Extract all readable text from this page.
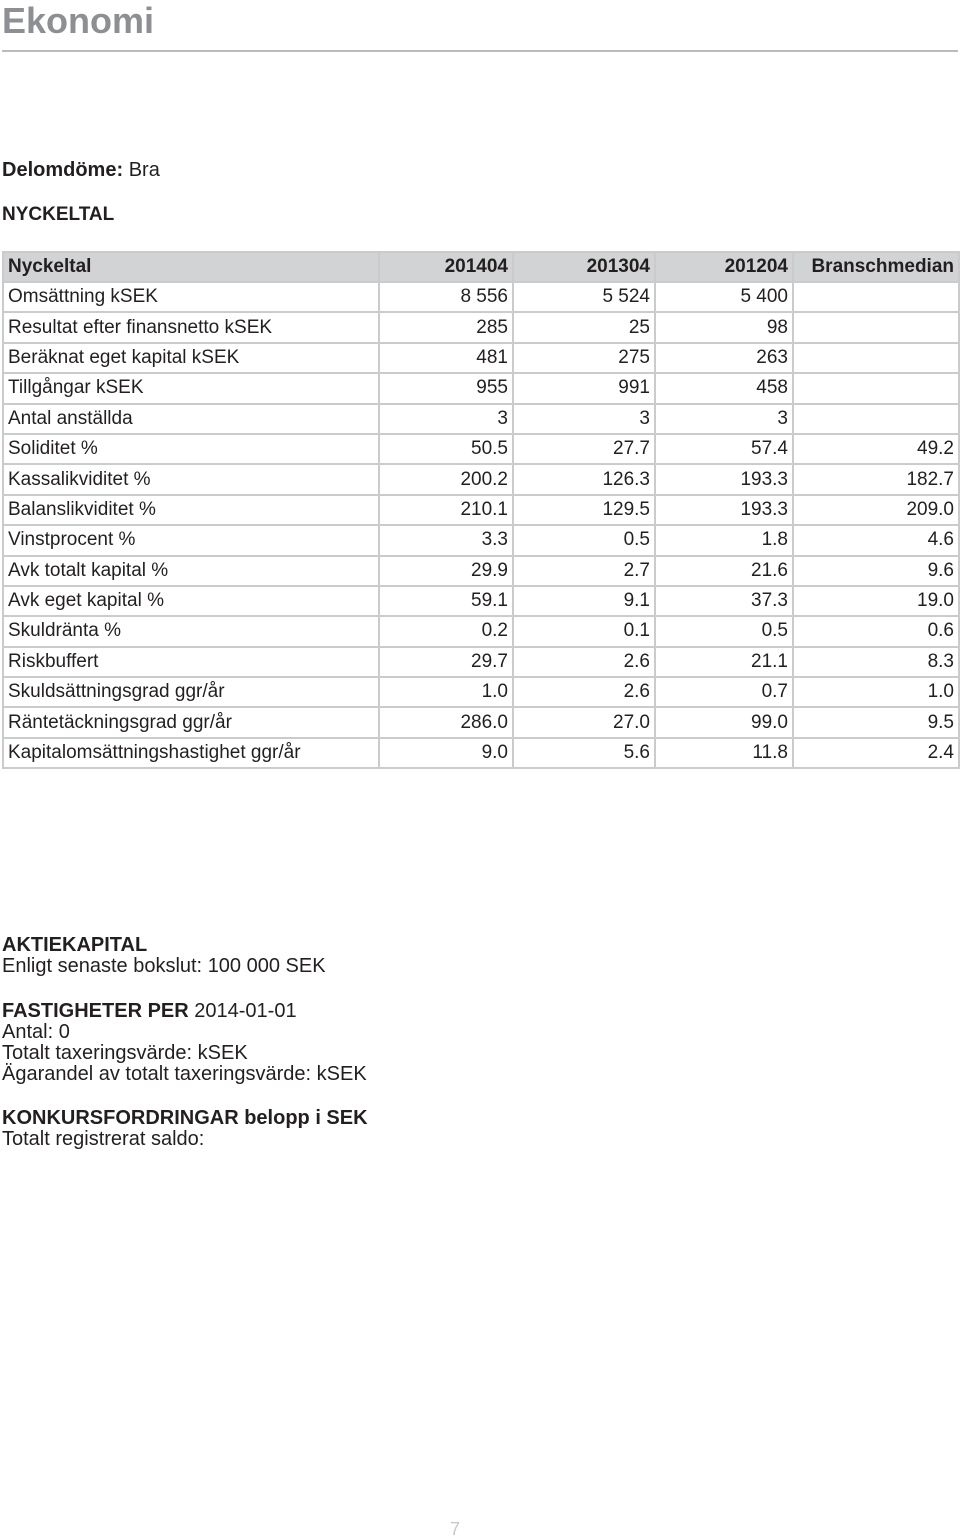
Ekonomi
Delomdöme: Bra
NYCKELTAL
Nyckeltal	201404	201304	201204	Branschmedian
Omsättning kSEK	8 556	5 524	5 400	
Resultat efter finansnetto kSEK	285	25	98	
Beräknat eget kapital kSEK	481	275	263	
Tillgångar kSEK	955	991	458	
Antal anställda	3	3	3	
Soliditet %	50.5	27.7	57.4	49.2
Kassalikviditet %	200.2	126.3	193.3	182.7
Balanslikviditet %	210.1	129.5	193.3	209.0
Vinstprocent %	3.3	0.5	1.8	4.6
Avk totalt kapital %	29.9	2.7	21.6	9.6
Avk eget kapital %	59.1	9.1	37.3	19.0
Skuldränta %	0.2	0.1	0.5	0.6
Riskbuffert	29.7	2.6	21.1	8.3
Skuldsättningsgrad ggr/år	1.0	2.6	0.7	1.0
Räntetäckningsgrad ggr/år	286.0	27.0	99.0	9.5
Kapitalomsättningshastighet ggr/år	9.0	5.6	11.8	2.4
AKTIEKAPITAL
Enligt senaste bokslut: 100 000 SEK
FASTIGHETER PER 2014-01-01
Antal: 0
Totalt taxeringsvärde: kSEK
Ägarandel av totalt taxeringsvärde: kSEK
KONKURSFORDRINGAR belopp i SEK
Totalt registrerat saldo:
7
